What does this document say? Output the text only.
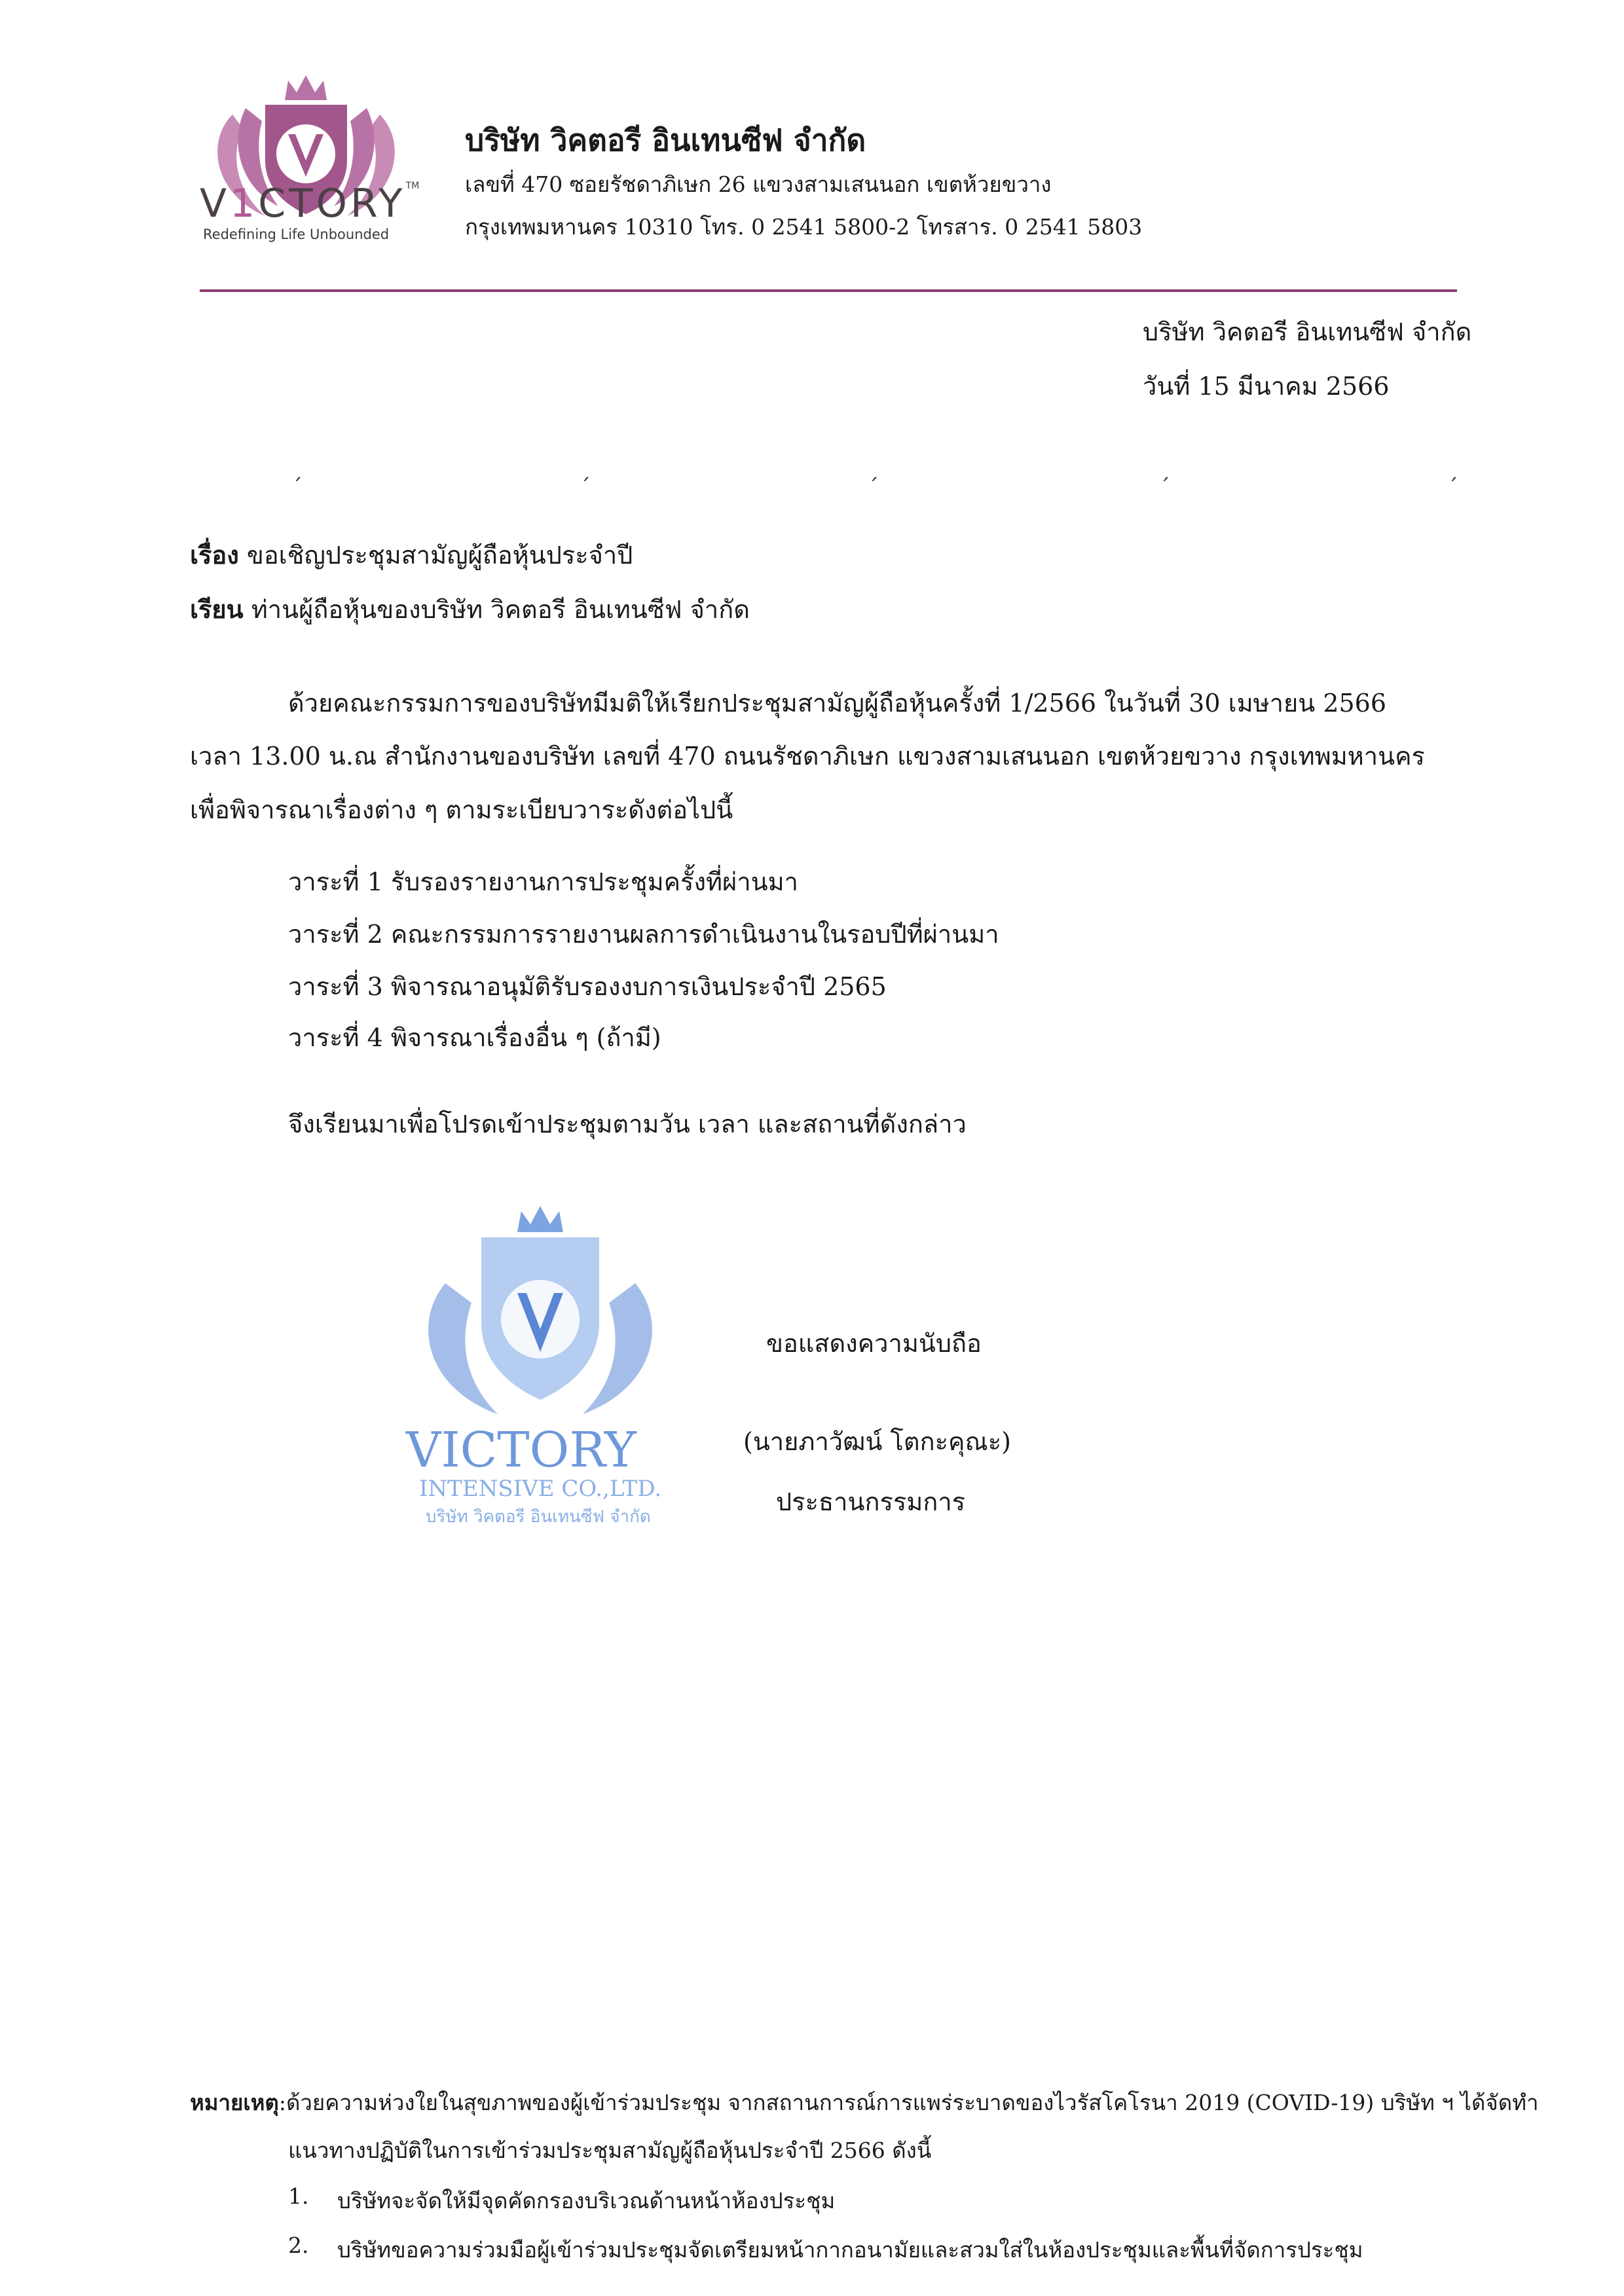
V1CTORY™
Redefining Life Unbounded
บริษัท วิคตอรี อินเทนซีฟ จำกัด
เลขที่ 470 ซอยรัชดาภิเษก 26 แขวงสามเสนนอก เขตห้วยขวาง
กรุงเทพมหานคร 10310 โทร. 0 2541 5800-2 โทรสาร. 0 2541 5803
บริษัท วิคตอรี อินเทนซีฟ จำกัด
วันที่ 15 มีนาคม 2566
ˊ	ˊ	ˊ	ˊ	ˊ
เรื่อง ขอเชิญประชุมสามัญผู้ถือหุ้นประจำปี
เรียน ท่านผู้ถือหุ้นของบริษัท วิคตอรี อินเทนซีฟ จำกัด
ด้วยคณะกรรมการของบริษัทมีมติให้เรียกประชุมสามัญผู้ถือหุ้นครั้งที่ 1/2566 ในวันที่ 30 เมษายน 2566
เวลา 13.00 น.ณ สำนักงานของบริษัท เลขที่ 470 ถนนรัชดาภิเษก แขวงสามเสนนอก เขตห้วยขวาง กรุงเทพมหานคร
เพื่อพิจารณาเรื่องต่าง ๆ ตามระเบียบวาระดังต่อไปนี้
วาระที่ 1 รับรองรายงานการประชุมครั้งที่ผ่านมา
วาระที่ 2 คณะกรรมการรายงานผลการดำเนินงานในรอบปีที่ผ่านมา
วาระที่ 3 พิจารณาอนุมัติรับรองงบการเงินประจำปี 2565
วาระที่ 4 พิจารณาเรื่องอื่น ๆ (ถ้ามี)
จึงเรียนมาเพื่อโปรดเข้าประชุมตามวัน เวลา และสถานที่ดังกล่าว
VICTORY
INTENSIVE CO.,LTD.
บริษัท วิคตอรี อินเทนซีฟ จำกัด
ขอแสดงความนับถือ
(นายภาวัฒน์ โตกะคุณะ)
ประธานกรรมการ
หมายเหตุ:ด้วยความห่วงใยในสุขภาพของผู้เข้าร่วมประชุม จากสถานการณ์การแพร่ระบาดของไวรัสโคโรนา 2019 (COVID-19) บริษัท ฯ ได้จัดทำ
แนวทางปฏิบัติในการเข้าร่วมประชุมสามัญผู้ถือหุ้นประจำปี 2566 ดังนี้
1. บริษัทจะจัดให้มีจุดคัดกรองบริเวณด้านหน้าห้องประชุม
2. บริษัทขอความร่วมมือผู้เข้าร่วมประชุมจัดเตรียมหน้ากากอนามัยและสวมใส่ในห้องประชุมและพื้นที่จัดการประชุม
